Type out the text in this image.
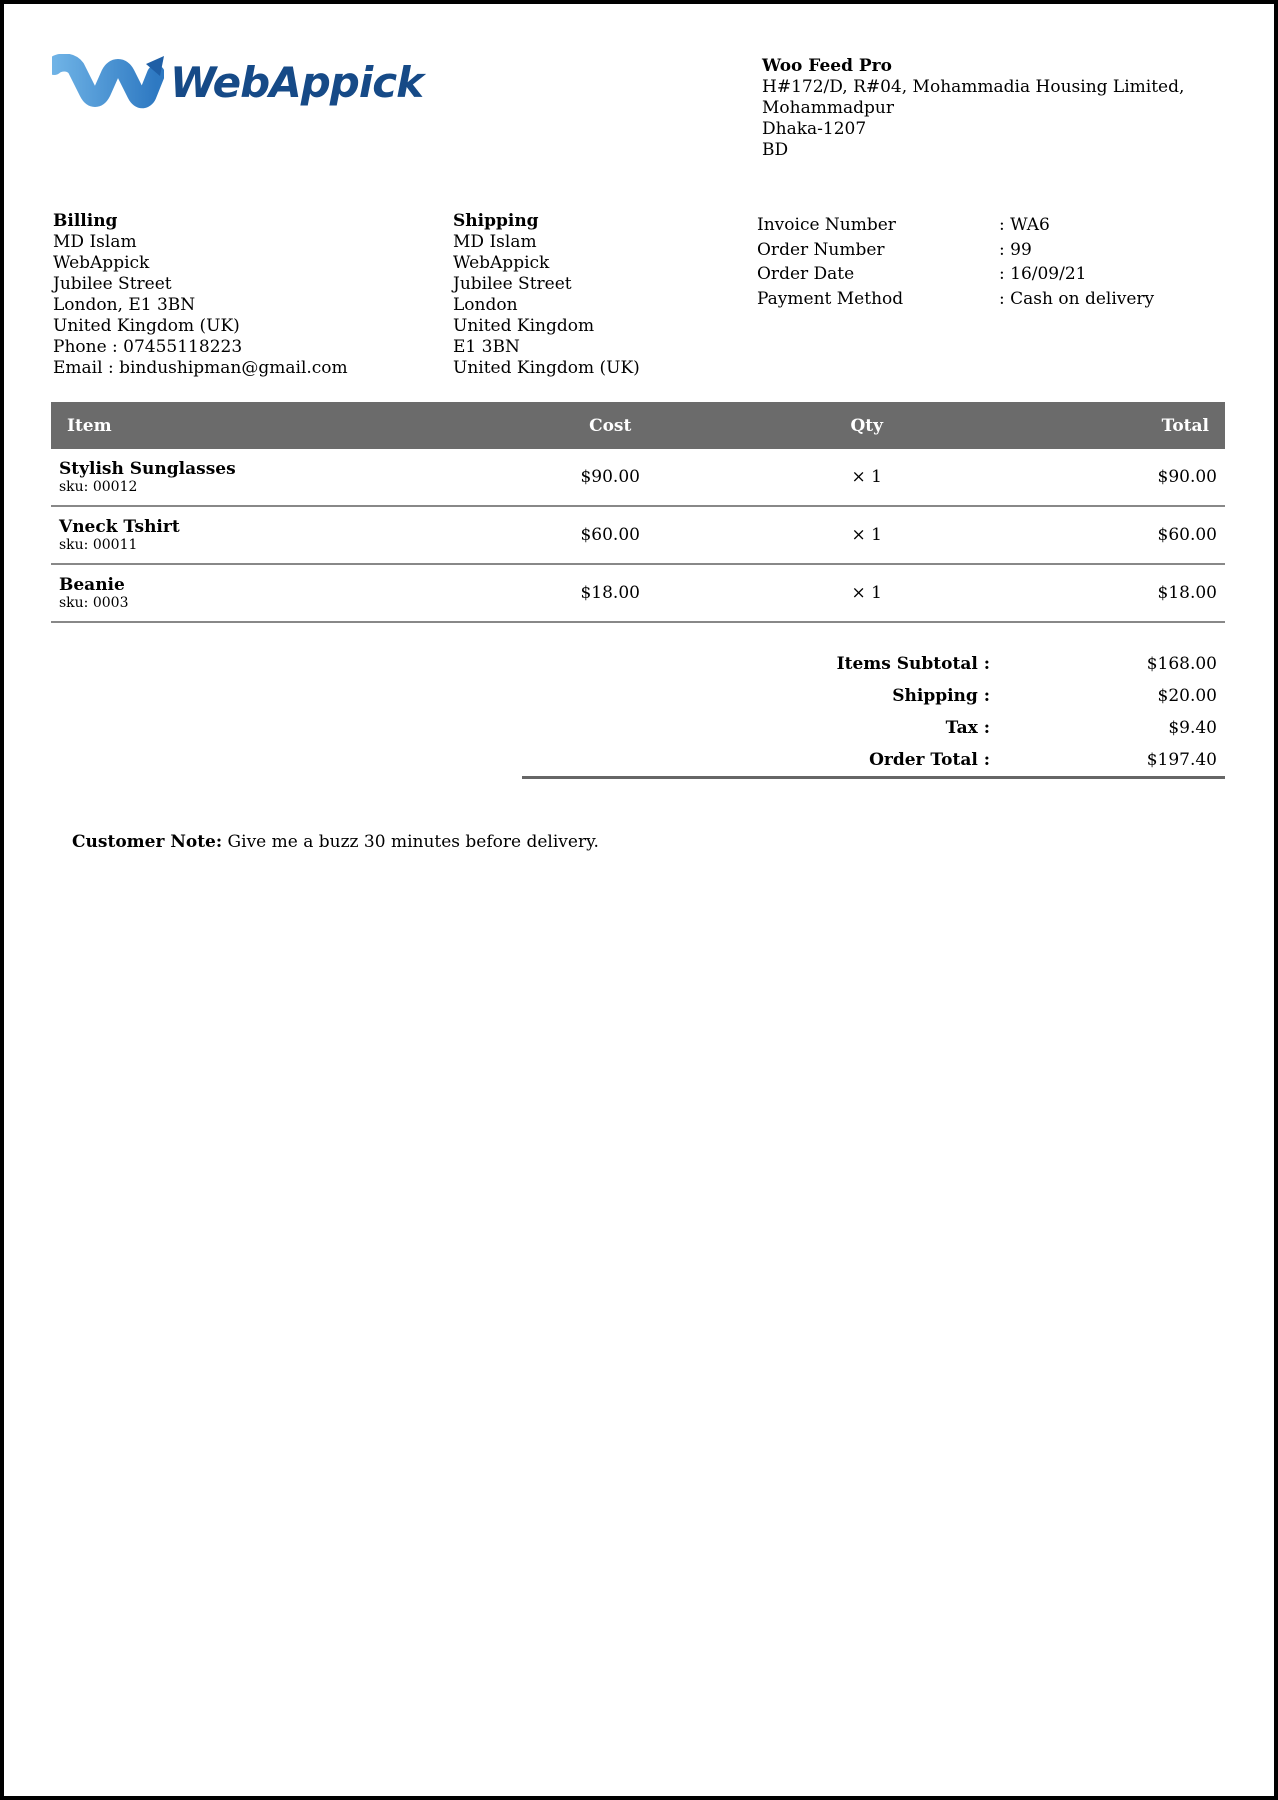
WebAppick	Woo Feed Pro
H#172/D, R#04, Mohammadia Housing Limited,
Mohammadpur
Dhaka-1207
BD
Billing
MD Islam
WebAppick
Jubilee Street
London, E1 3BN
United Kingdom (UK)
Phone : 07455118223
Email : bindushipman@gmail.com
Shipping
MD Islam
WebAppick
Jubilee Street
London
United Kingdom
E1 3BN
United Kingdom (UK)
Invoice Number	: WA6
Order Number	: 99
Order Date	: 16/09/21
Payment Method	: Cash on delivery
Item	Cost	Qty	Total

Stylish Sunglasses
sku: 00012	$90.00	× 1	$90.00

Vneck Tshirt
sku: 00011	$60.00	× 1	$60.00

Beanie
sku: 0003	$18.00	× 1	$18.00
Items Subtotal :	$168.00
Shipping :	$20.00
Tax :	$9.40
Order Total :	$197.40
Customer Note: Give me a buzz 30 minutes before delivery.
